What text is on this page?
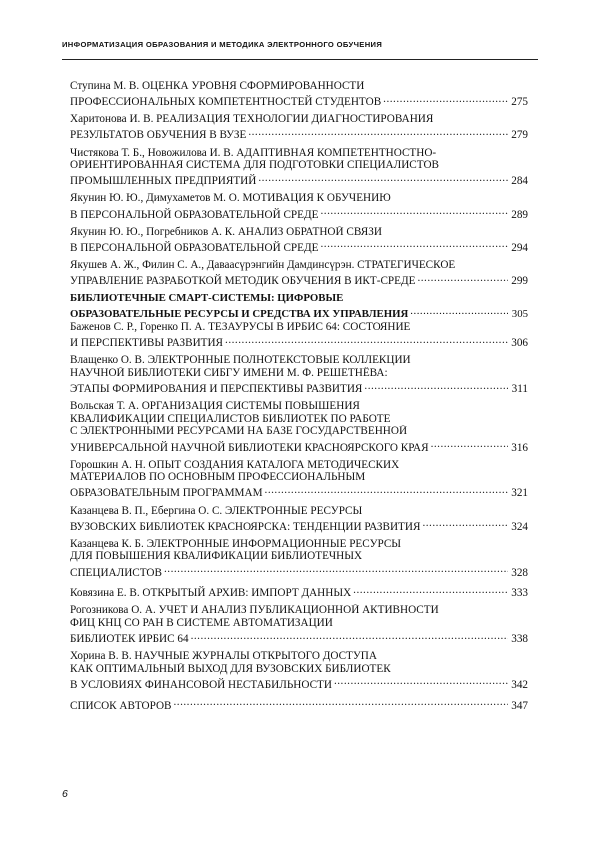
ИНФОРМАТИЗАЦИЯ ОБРАЗОВАНИЯ И МЕТОДИКА ЭЛЕКТРОННОГО ОБУЧЕНИЯ
Ступина М. В. ОЦЕНКА УРОВНЯ СФОРМИРОВАННОСТИ
ПРОФЕССИОНАЛЬНЫХ КОМПЕТЕНТНОСТЕЙ СТУДЕНТОВ .....	275
Харитонова И. В. РЕАЛИЗАЦИЯ ТЕХНОЛОГИИ ДИАГНОСТИРОВАНИЯ
РЕЗУЛЬТАТОВ ОБУЧЕНИЯ В ВУЗЕ .....	279
Чистякова Т. Б., Новожилова И. В. АДАПТИВНАЯ КОМПЕТЕНТНОСТНО-
ОРИЕНТИРОВАННАЯ СИСТЕМА ДЛЯ ПОДГОТОВКИ СПЕЦИАЛИСТОВ
ПРОМЫШЛЕННЫХ ПРЕДПРИЯТИЙ .....	284
Якунин Ю. Ю., Димухаметов М. О. МОТИВАЦИЯ К ОБУЧЕНИЮ
В ПЕРСОНАЛЬНОЙ ОБРАЗОВАТЕЛЬНОЙ СРЕДЕ .....	289
Якунин Ю. Ю., Погребников А. К. АНАЛИЗ ОБРАТНОЙ СВЯЗИ
В ПЕРСОНАЛЬНОЙ ОБРАЗОВАТЕЛЬНОЙ СРЕДЕ .....	294
Якушев А. Ж., Филин С. А., Даваасүрэнгийн Дамдинсүрэн. СТРАТЕГИЧЕСКОЕ
УПРАВЛЕНИЕ РАЗРАБОТКОЙ МЕТОДИК ОБУЧЕНИЯ В ИКТ-СРЕДЕ .....	299
БИБЛИОТЕЧНЫЕ СМАРТ-СИСТЕМЫ: ЦИФРОВЫЕ
ОБРАЗОВАТЕЛЬНЫЕ РЕСУРСЫ И СРЕДСТВА ИХ УПРАВЛЕНИЯ .....	305
Баженов С. Р., Горенко П. А. ТЕЗАУРУСЫ В ИРБИС 64: СОСТОЯНИЕ
И ПЕРСПЕКТИВЫ РАЗВИТИЯ .....	306
Влащенко О. В. ЭЛЕКТРОННЫЕ ПОЛНОТЕКСТОВЫЕ КОЛЛЕКЦИИ
НАУЧНОЙ БИБЛИОТЕКИ СИБГУ ИМЕНИ М. Ф. РЕШЕТНЁВА:
ЭТАПЫ ФОРМИРОВАНИЯ И ПЕРСПЕКТИВЫ РАЗВИТИЯ .....	311
Вольская Т. А. ОРГАНИЗАЦИЯ СИСТЕМЫ ПОВЫШЕНИЯ
КВАЛИФИКАЦИИ СПЕЦИАЛИСТОВ БИБЛИОТЕК ПО РАБОТЕ
С ЭЛЕКТРОННЫМИ РЕСУРСАМИ НА БАЗЕ ГОСУДАРСТВЕННОЙ
УНИВЕРСАЛЬНОЙ НАУЧНОЙ БИБЛИОТЕКИ КРАСНОЯРСКОГО КРАЯ .....	316
Горошкин А. Н. ОПЫТ СОЗДАНИЯ КАТАЛОГА МЕТОДИЧЕСКИХ
МАТЕРИАЛОВ ПО ОСНОВНЫМ ПРОФЕССИОНАЛЬНЫМ
ОБРАЗОВАТЕЛЬНЫМ ПРОГРАММАМ .....	321
Казанцева В. П., Ебергина О. С. ЭЛЕКТРОННЫЕ РЕСУРСЫ
ВУЗОВСКИХ БИБЛИОТЕК КРАСНОЯРСКА: ТЕНДЕНЦИИ РАЗВИТИЯ .....	324
Казанцева К. Б. ЭЛЕКТРОННЫЕ ИНФОРМАЦИОННЫЕ РЕСУРСЫ
ДЛЯ ПОВЫШЕНИЯ КВАЛИФИКАЦИИ БИБЛИОТЕЧНЫХ
СПЕЦИАЛИСТОВ .....	328
Ковязина Е. В. ОТКРЫТЫЙ АРХИВ: ИМПОРТ ДАННЫХ .....	333
Рогозникова О. А. УЧЕТ И АНАЛИЗ ПУБЛИКАЦИОННОЙ АКТИВНОСТИ
ФИЦ КНЦ СО РАН В СИСТЕМЕ АВТОМАТИЗАЦИИ
БИБЛИОТЕК ИРБИС 64 .....	338
Хорина В. В. НАУЧНЫЕ ЖУРНАЛЫ ОТКРЫТОГО ДОСТУПА
КАК ОПТИМАЛЬНЫЙ ВЫХОД ДЛЯ ВУЗОВСКИХ БИБЛИОТЕК
В УСЛОВИЯХ ФИНАНСОВОЙ НЕСТАБИЛЬНОСТИ .....	342
СПИСОК АВТОРОВ .....	347
6
